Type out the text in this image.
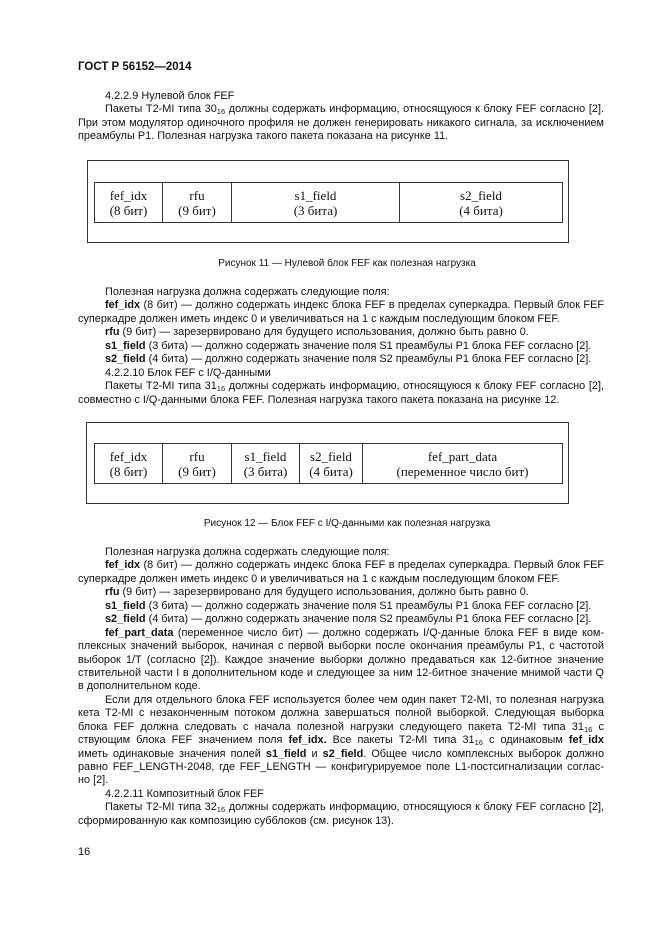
ГОСТ Р 56152—2014
4.2.2.9 Нулевой блок FEF
Пакеты T2-MI типа $30_{16}$ должны содержать информацию, относящуюся к блоку FEF согласно [2].
При этом модулятор одиночного профиля не должен генерировать никакого сигнала, за исключением
преамбулы P1. Полезная нагрузка такого пакета показана на рисунке 11.
fef_idx
(8 бит)
rfu
(9 бит)
s1_field
(3 бита)
s2_field
(4 бита)
Рисунок 11 — Нулевой блок FEF как полезная нагрузка
Полезная нагрузка должна содержать следующие поля:
fef_idx (8 бит) — должно содержать индекс блока FEF в пределах суперкадра. Первый блок FEF
суперкадре должен иметь индекс 0 и увеличиваться на 1 с каждым последующим блоком FEF.
rfu (9 бит) — зарезервировано для будущего использования, должно быть равно 0.
s1_field (3 бита) — должно содержать значение поля S1 преамбулы P1 блока FEF согласно [2].
s2_field (4 бита) — должно содержать значение поля S2 преамбулы P1 блока FEF согласно [2].
4.2.2.10 Блок FEF с I/Q-данными
Пакеты T2-MI типа $31_{16}$ должны содержать информацию, относящуюся к блоку FEF согласно [2],
совместно с I/Q-данными блока FEF. Полезная нагрузка такого пакета показана на рисунке 12.
fef_idx
(8 бит)
rfu
(9 бит)
s1_field
(3 бита)
s2_field
(4 бита)
fef_part_data
(переменное число бит)
Рисунок 12 — Блок FEF с I/Q-данными как полезная нагрузка
Полезная нагрузка должна содержать следующие поля:
fef_idx (8 бит) — должно содержать индекс блока FEF в пределах суперкадра. Первый блок FEF
суперкадре должен иметь индекс 0 и увеличиваться на 1 с каждым последующим блоком FEF.
rfu (9 бит) — зарезервировано для будущего использования, должно быть равно 0.
s1_field (3 бита) — должно содержать значение поля S1 преамбулы P1 блока FEF согласно [2].
s2_field (4 бита) — должно содержать значение поля S2 преамбулы P1 блока FEF согласно [2].
fef_part_data (переменное число бит) — должно содержать I/Q-данные блока FEF в виде ком-
плексных значений выборок, начиная с первой выборки после окончания преамбулы P1, с частотой
выборок 1/T (согласно [2]). Каждое значение выборки должно предаваться как 12-битное значение
ствительной части I в дополнительном коде и следующее за ним 12-битное значение мнимой части Q
в дополнительном коде.
Если для отдельного блока FEF используется более чем один пакет T2-MI, то полезная нагрузка
кета T2-MI с незаконченным потоком должна завершаться полной выборкой. Следующая выборка
блока FEF должна следовать с начала полезной нагрузки следующего пакета T2-MI типа $31_{16}$ с
ствующим блока FEF значением поля fef_idx. Все пакеты T2-MI типа $31_{16}$ с одинаковым fef_idx
иметь одинаковые значения полей s1_field и s2_field. Общее число комплексных выборок должно
равно FEF_LENGTH-2048, где FEF_LENGTH — конфигурируемое поле L1-постсигнализации соглас-
но [2].
4.2.2.11 Композитный блок FEF
Пакеты T2-MI типа $32_{16}$ должны содержать информацию, относящуюся к блоку FEF согласно [2],
сформированную как композицию субблоков (см. рисунок 13).
16
